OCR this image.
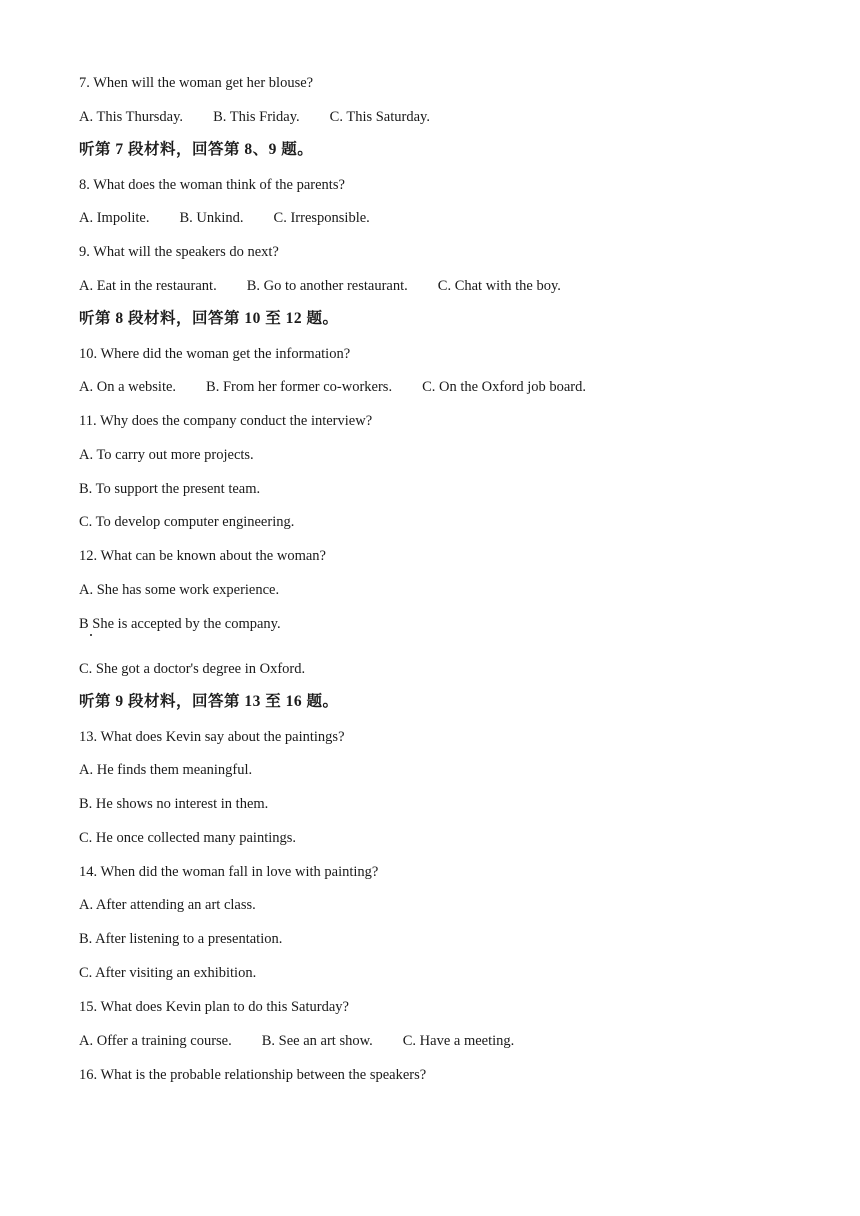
7. When will the woman get her blouse?
A. This Thursday. B. This Friday. C. This Saturday.
听第 7 段材料，回答第 8、9 题。
8. What does the woman think of the parents?
A. Impolite. B. Unkind. C. Irresponsible.
9. What will the speakers do next?
A. Eat in the restaurant. B. Go to another restaurant. C. Chat with the boy.
听第 8 段材料，回答第 10 至 12 题。
10. Where did the woman get the information?
A. On a website. B. From her former co-workers. C. On the Oxford job board.
11. Why does the company conduct the interview?
A. To carry out more projects.
B. To support the present team.
C. To develop computer engineering.
12. What can be known about the woman?
A. She has some work experience.
B She is accepted by the company.
C. She got a doctor's degree in Oxford.
听第 9 段材料，回答第 13 至 16 题。
13. What does Kevin say about the paintings?
A. He finds them meaningful.
B. He shows no interest in them.
C. He once collected many paintings.
14. When did the woman fall in love with painting?
A. After attending an art class.
B. After listening to a presentation.
C. After visiting an exhibition.
15. What does Kevin plan to do this Saturday?
A. Offer a training course. B. See an art show. C. Have a meeting.
16. What is the probable relationship between the speakers?
